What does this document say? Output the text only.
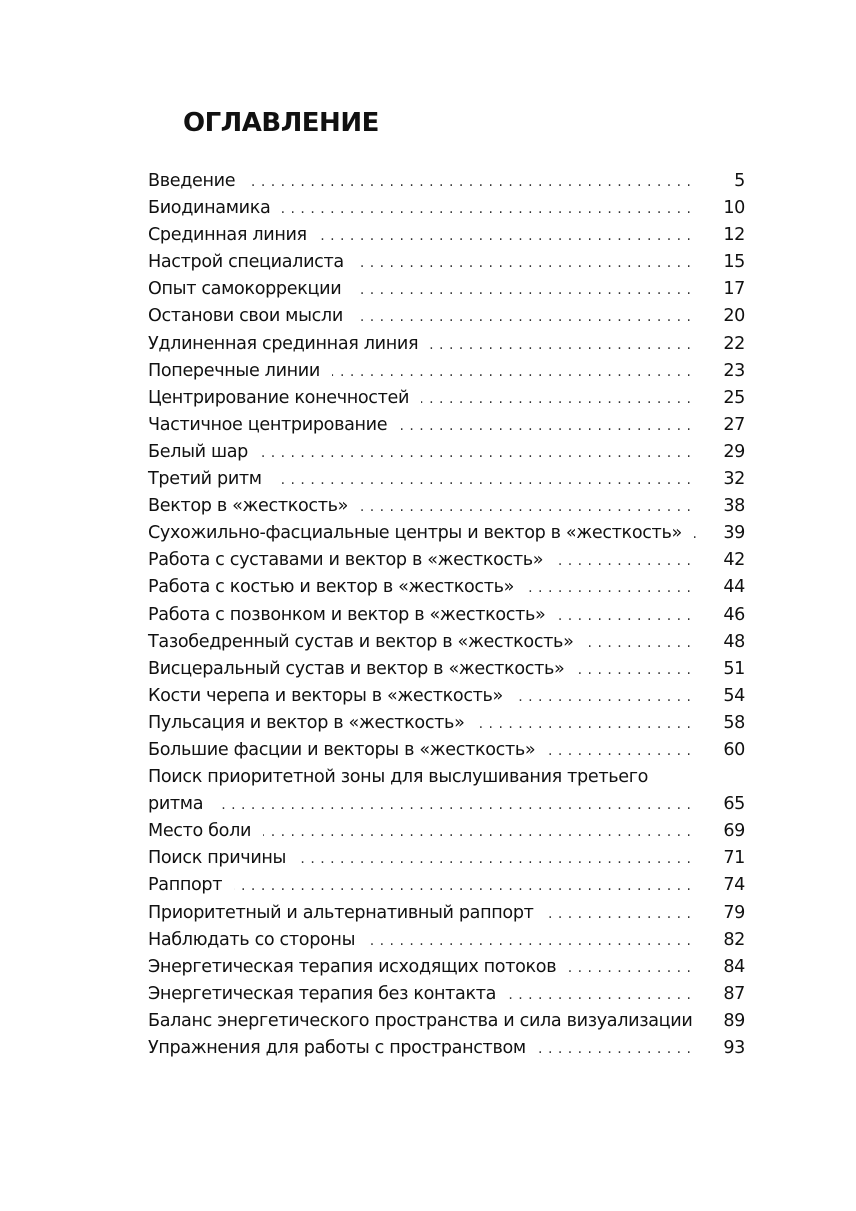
ОГЛАВЛЕНИЕ
Введение . . .	5
Биодинамика . . .	10
Срединная линия . . .	12
Настрой специалиста . . .	15
Опыт самокоррекции . . .	17
Останови свои мысли . . .	20
Удлиненная срединная линия . . .	22
Поперечные линии . . .	23
Центрирование конечностей . . .	25
Частичное центрирование . . .	27
Белый шар . . .	29
Третий ритм . . .	32
Вектор в «жесткость» . . .	38
Сухожильно-фасциальные центры и вектор в «жесткость» . . .	39
Работа с суставами и вектор в «жесткость» . . .	42
Работа с костью и вектор в «жесткость» . . .	44
Работа с позвонком и вектор в «жесткость» . . .	46
Тазобедренный сустав и вектор в «жесткость» . . .	48
Висцеральный сустав и вектор в «жесткость» . . .	51
Кости черепа и векторы в «жесткость» . . .	54
Пульсация и вектор в «жесткость» . . .	58
Большие фасции и векторы в «жесткость» . . .	60
Поиск приоритетной зоны для выслушивания третьего
ритма . . .	65
Место боли . . .	69
Поиск причины . . .	71
Раппорт . . .	74
Приоритетный и альтернативный раппорт . . .	79
Наблюдать со стороны . . .	82
Энергетическая терапия исходящих потоков . . .	84
Энергетическая терапия без контакта . . .	87
Баланс энергетического пространства и сила визуализации . . .	89
Упражнения для работы с пространством . . .	93
